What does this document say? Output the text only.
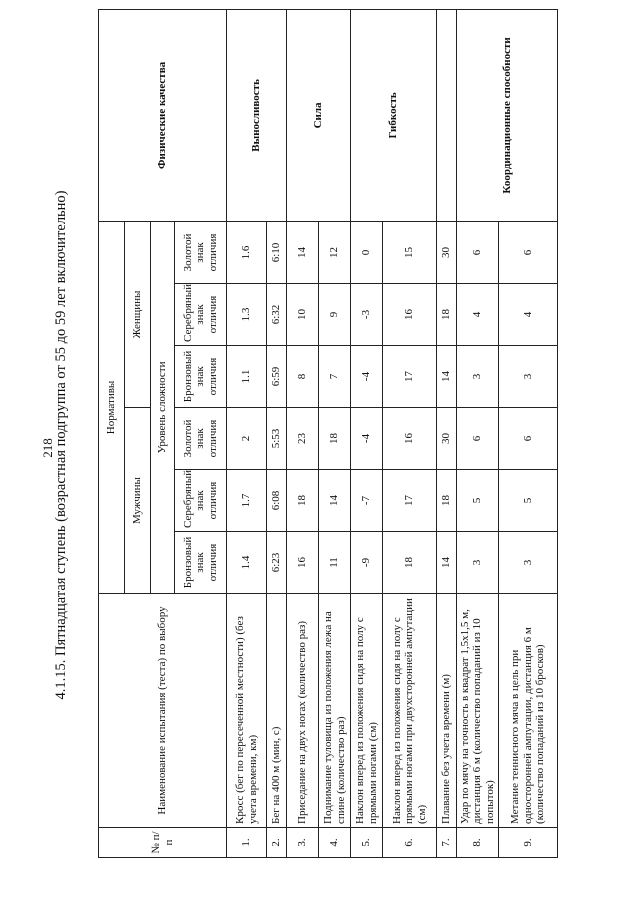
218
4.1.15. Пятнадцатая ступень (возрастная подгруппа от 55 до 59 лет включительно)
№ п/п	Наименование испытания (теста) по выбору	Нормативы						Физические качества
		Мужчины			Женщины			
		Уровень сложности						
		Бронзовый знак отличия	Серебряный знак отличия	Золотой знак отличия	Бронзовый знак отличия	Серебряный знак отличия	Золотой знак отличия	
1.	Кросс (бег по пересеченной местности) (без учета времени, км)	1.4	1.7	2	1.1	1.3	1.6	Выносливость
2.	Бег на 400 м (мин, с)	6:23	6:08	5:53	6:59	6:32	6:10	
3.	Приседание на двух ногах (количество раз)	16	18	23	8	10	14	Сила
4.	Поднимание туловища из положения лежа на спине (количество раз)	11	14	18	7	9	12	
5.	Наклон вперед из положения сидя на полу с прямыми ногами (см)	-9	-7	-4	-4	-3	0	Гибкость
6.	Наклон вперед из положения сидя на полу с прямыми ногами при двухсторонней ампутации (см)	18	17	16	17	16	15	
7.	Плавание без учета времени (м)	14	18	30	14	18	30	
8.	Удар по мячу на точность в квадрат 1,5х1,5 м, дистанция 6 м (количество попаданий из 10 попыток)	3	5	6	3	4	6	Координационные способности
9.	Метание теннисного мяча в цель при односторонней ампутации, дистанция 6 м (количество попаданий из 10 бросков)	3	5	6	3	4	6	
